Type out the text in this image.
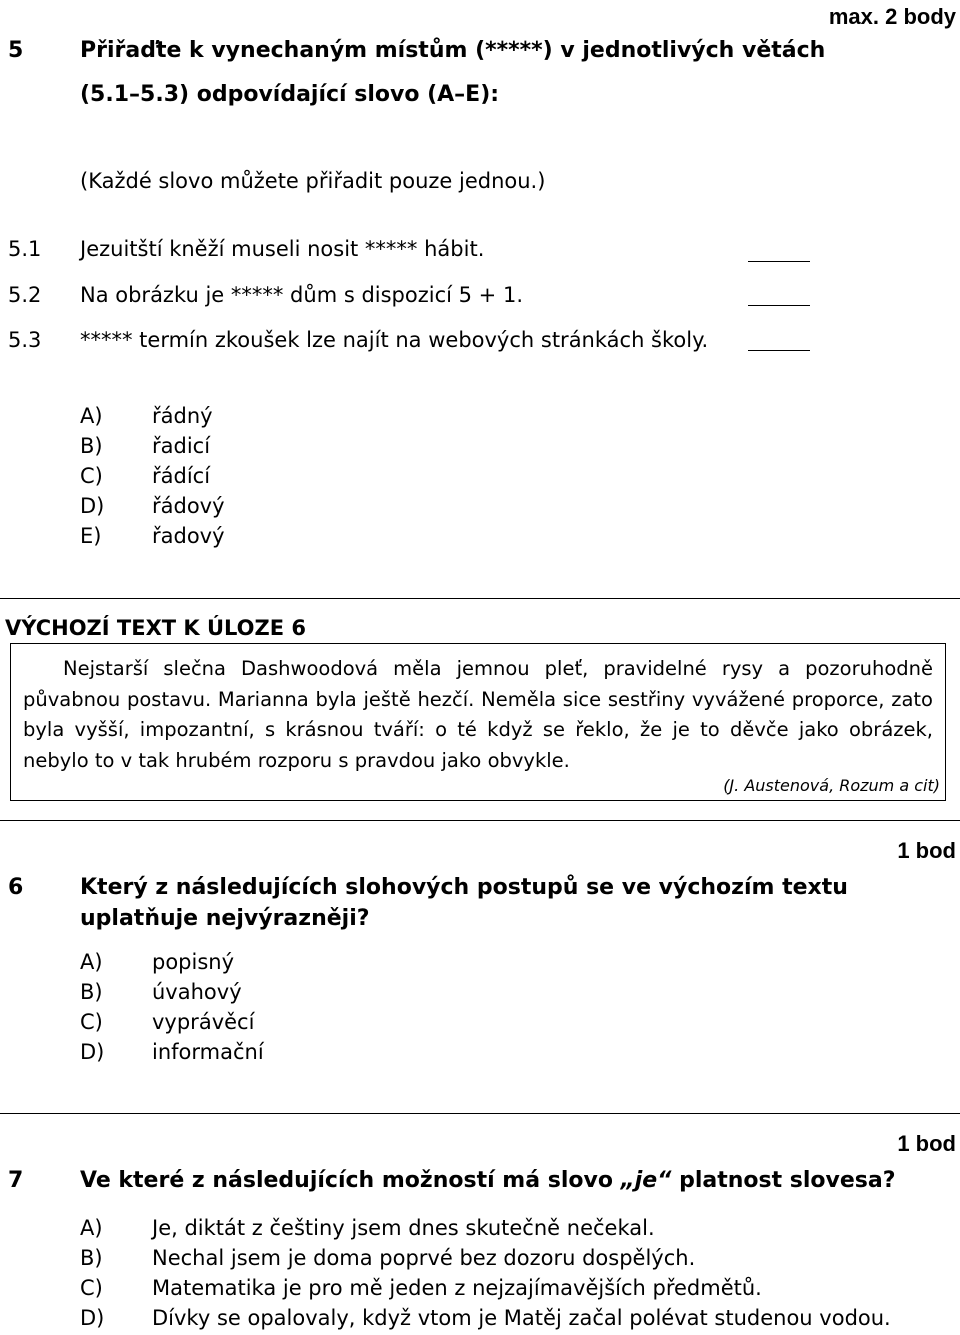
max. 2 body
5	Přiřaďte k vynechaným místům (*****) v jednotlivých větách
(5.1–5.3) odpovídající slovo (A–E):
(Každé slovo můžete přiřadit pouze jednou.)
5.1 Jezuitští kněží museli nosit ***** hábit.
5.2 Na obrázku je ***** dům s dispozicí 5 + 1.
5.3 ***** termín zkoušek lze najít na webových stránkách školy.
A) řádný
B) řadicí
C) řádící
D) řádový
E) řadový
VÝCHOZÍ TEXT K ÚLOZE 6
Nejstarší slečna Dashwoodová měla jemnou pleť, pravidelné rysy a pozoruhodně půvabnou postavu. Marianna byla ještě hezčí. Neměla sice sestřiny vyvážené proporce, zato byla vyšší, impozantní, s krásnou tváří: o té když se řeklo, že je to děvče jako obrázek, nebylo to v tak hrubém rozporu s pravdou jako obvykle.
(J. Austenová, Rozum a cit)
1 bod
6	Který z následujících slohových postupů se ve výchozím textu
uplatňuje nejvýrazněji?
A) popisný
B) úvahový
C) vyprávěcí
D) informační
1 bod
7	Ve které z následujících možností má slovo „je“ platnost slovesa?
A) Je, diktát z češtiny jsem dnes skutečně nečekal.
B) Nechal jsem je doma poprvé bez dozoru dospělých.
C) Matematika je pro mě jeden z nejzajímavějších předmětů.
D) Dívky se opalovaly, když vtom je Matěj začal polévat studenou vodou.
